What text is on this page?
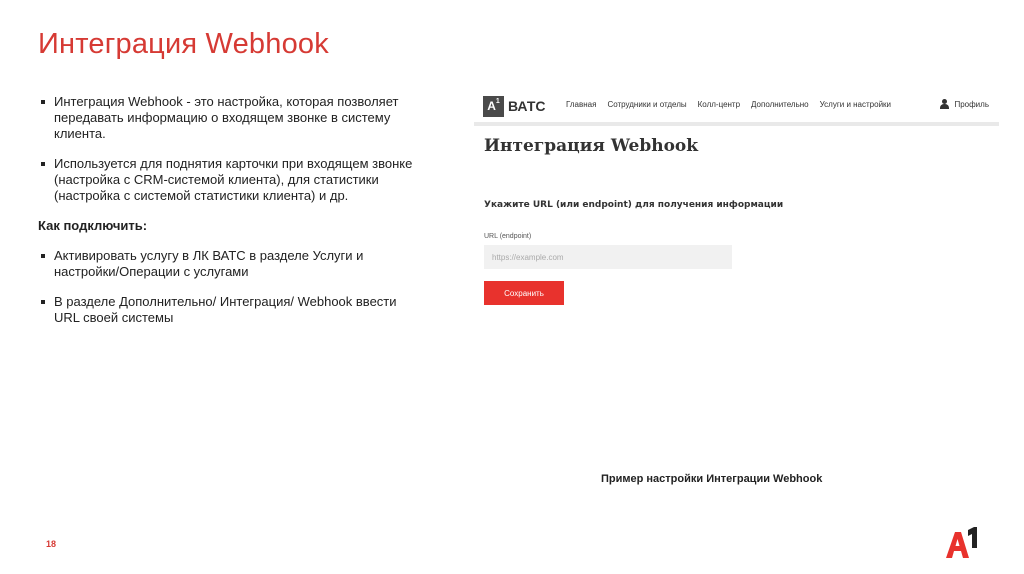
Интеграция Webhook
Интеграция Webhook - это настройка, которая позволяет передавать информацию о входящем звонке в систему клиента.
Используется для поднятия карточки при входящем звонке (настройка с CRM-системой клиента), для статистики (настройка с системой статистики клиента) и др.
Как подключить:
Активировать услугу в ЛК ВАТС в разделе Услуги и настройки/Операции с услугами
В разделе Дополнительно/ Интеграция/ Webhook ввести URL своей системы
$A^1$ ВАТС	Главная Сотрудники и отделы Колл-центр Дополнительно Услуги и настройки	Профиль
Интеграция Webhook
Укажите URL (или endpoint) для получения информации
URL (endpoint)
https://example.com
Сохранить
Пример настройки Интеграции Webhook
18
